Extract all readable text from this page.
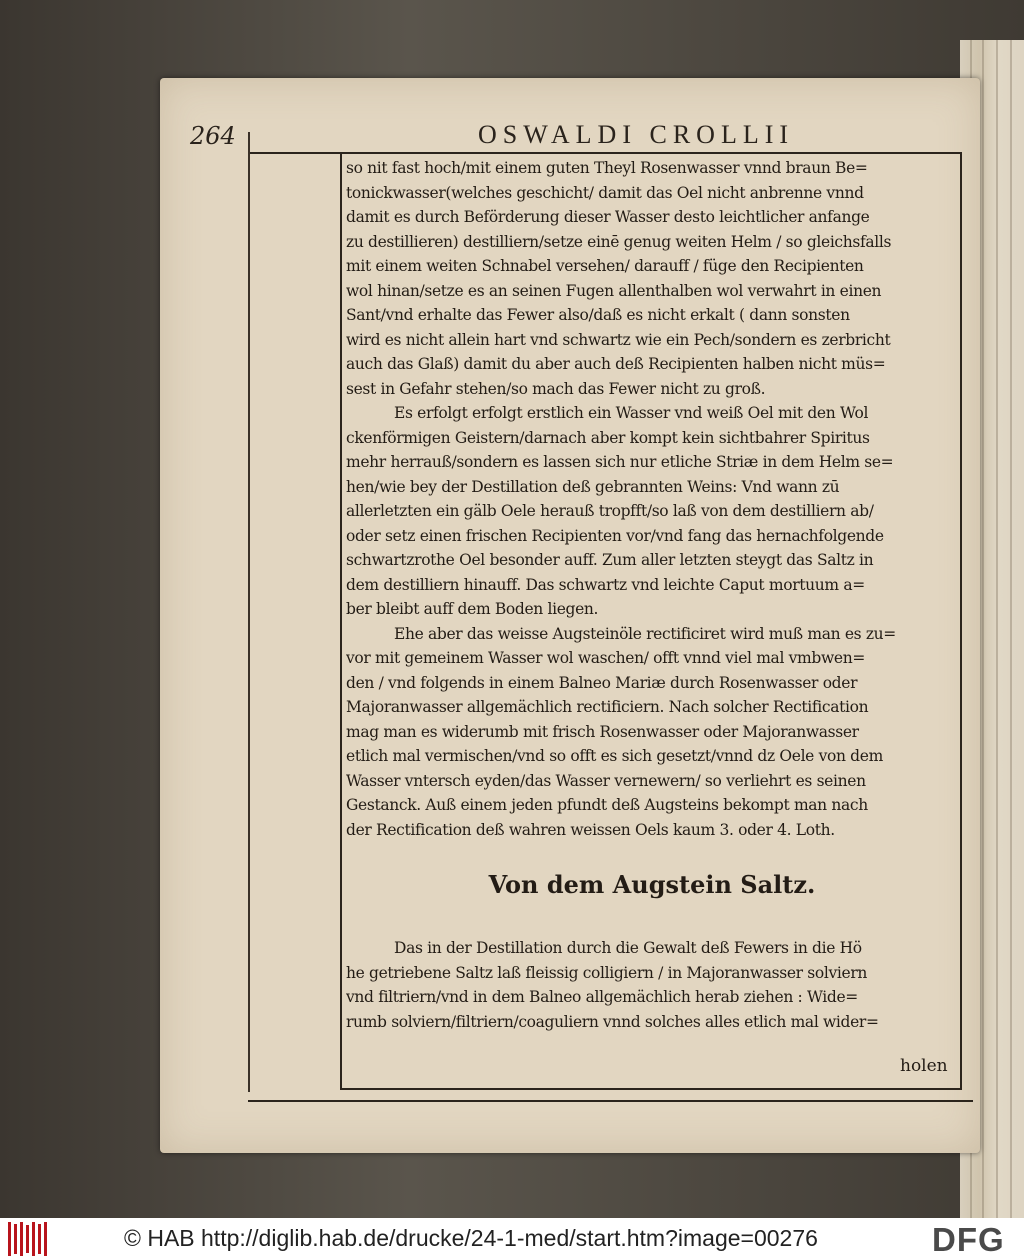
264	OSWALDI CROLLII
so nit fast hoch/mit einem guten Theyl Rosenwasser vnnd braun Be=
tonickwasser(welches geschicht/ damit das Oel nicht anbrenne vnnd
damit es durch Beförderung dieser Wasser desto leichtlicher anfange
zu destillieren) destilliern/setze einē genug weiten Helm / so gleichsfalls
mit einem weiten Schnabel versehen/ darauff / füge den Recipienten
wol hinan/setze es an seinen Fugen allenthalben wol verwahrt in einen
Sant/vnd erhalte das Fewer also/daß es nicht erkalt ( dann sonsten
wird es nicht allein hart vnd schwartz wie ein Pech/sondern es zerbricht
auch das Glaß) damit du aber auch deß Recipienten halben nicht müs=
sest in Gefahr stehen/so mach das Fewer nicht zu groß.
Es erfolgt erfolgt erstlich ein Wasser vnd weiß Oel mit den Wol
ckenförmigen Geistern/darnach aber kompt kein sichtbahrer Spiritus
mehr herrauß/sondern es lassen sich nur etliche Striæ in dem Helm se=
hen/wie bey der Destillation deß gebrannten Weins: Vnd wann zū
allerletzten ein gälb Oele herauß tropfft/so laß von dem destilliern ab/
oder setz einen frischen Recipienten vor/vnd fang das hernachfolgende
schwartzrothe Oel besonder auff. Zum aller letzten steygt das Saltz in
dem destilliern hinauff. Das schwartz vnd leichte Caput mortuum a=
ber bleibt auff dem Boden liegen.
Ehe aber das weisse Augsteinöle rectificiret wird muß man es zu=
vor mit gemeinem Wasser wol waschen/ offt vnnd viel mal vmbwen=
den / vnd folgends in einem Balneo Mariæ durch Rosenwasser oder
Majoranwasser allgemächlich rectificiern. Nach solcher Rectification
mag man es widerumb mit frisch Rosenwasser oder Majoranwasser
etlich mal vermischen/vnd so offt es sich gesetzt/vnnd dz Oele von dem
Wasser vntersch eyden/das Wasser vernewern/ so verliehrt es seinen
Gestanck. Auß einem jeden pfundt deß Augsteins bekompt man nach
der Rectification deß wahren weissen Oels kaum 3. oder 4. Loth.
Von dem Augstein Saltz.
Das in der Destillation durch die Gewalt deß Fewers in die Hö
he getriebene Saltz laß fleissig colligiern / in Majoranwasser solviern
vnd filtriern/vnd in dem Balneo allgemächlich herab ziehen : Wide=
rumb solviern/filtriern/coaguliern vnnd solches alles etlich mal wider=
holen
© HAB http://diglib.hab.de/drucke/24-1-med/start.htm?image=00276	DFG
